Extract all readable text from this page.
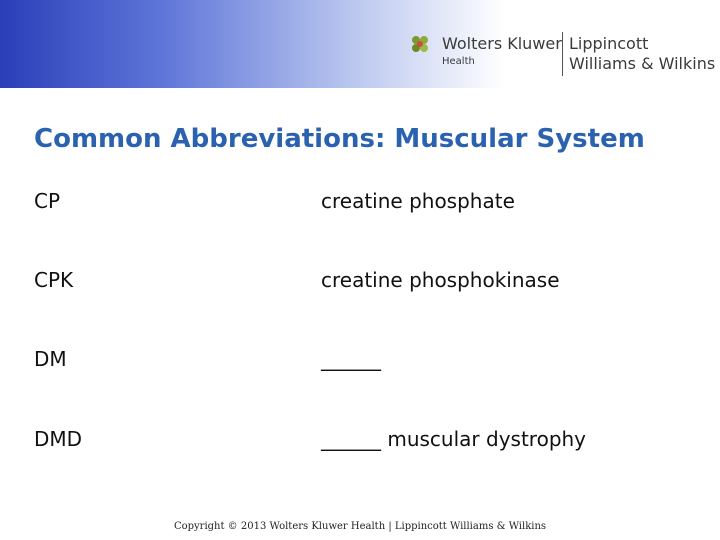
Wolters Kluwer
Health
Lippincott
Williams & Wilkins
Common Abbreviations: Muscular System
CP	creatine phosphate
CPK	creatine phosphokinase
DM	______
DMD	______ muscular dystrophy
Copyright © 2013 Wolters Kluwer Health | Lippincott Williams & Wilkins
